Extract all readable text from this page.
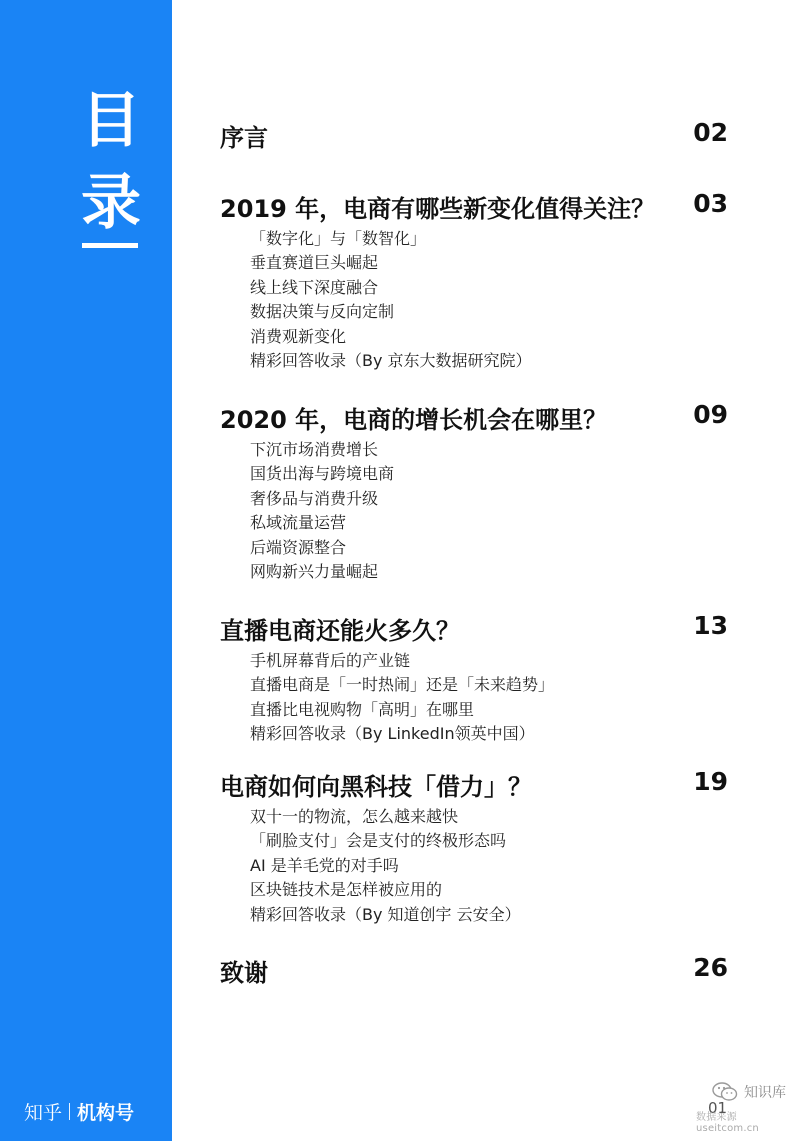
目
录
知乎 机构号
序言	02
2019 年，电商有哪些新变化值得关注？ 03
「数字化」与「数智化」
垂直赛道巨头崛起
线上线下深度融合
数据决策与反向定制
消费观新变化
精彩回答收录（By 京东大数据研究院）
2020 年，电商的增长机会在哪里？	09
下沉市场消费增长
国货出海与跨境电商
奢侈品与消费升级
私域流量运营
后端资源整合
网购新兴力量崛起
直播电商还能火多久？	13
手机屏幕背后的产业链
直播电商是「一时热闹」还是「未来趋势」
直播比电视购物「高明」在哪里
精彩回答收录（By LinkedIn领英中国）
电商如何向黑科技「借力」？	19
双十一的物流，怎么越来越快
「刷脸支付」会是支付的终极形态吗
AI 是羊毛党的对手吗
区块链技术是怎样被应用的
精彩回答收录（By 知道创宇 云安全）
致谢	26
知识库
数据来源 useitcom.cn
01
